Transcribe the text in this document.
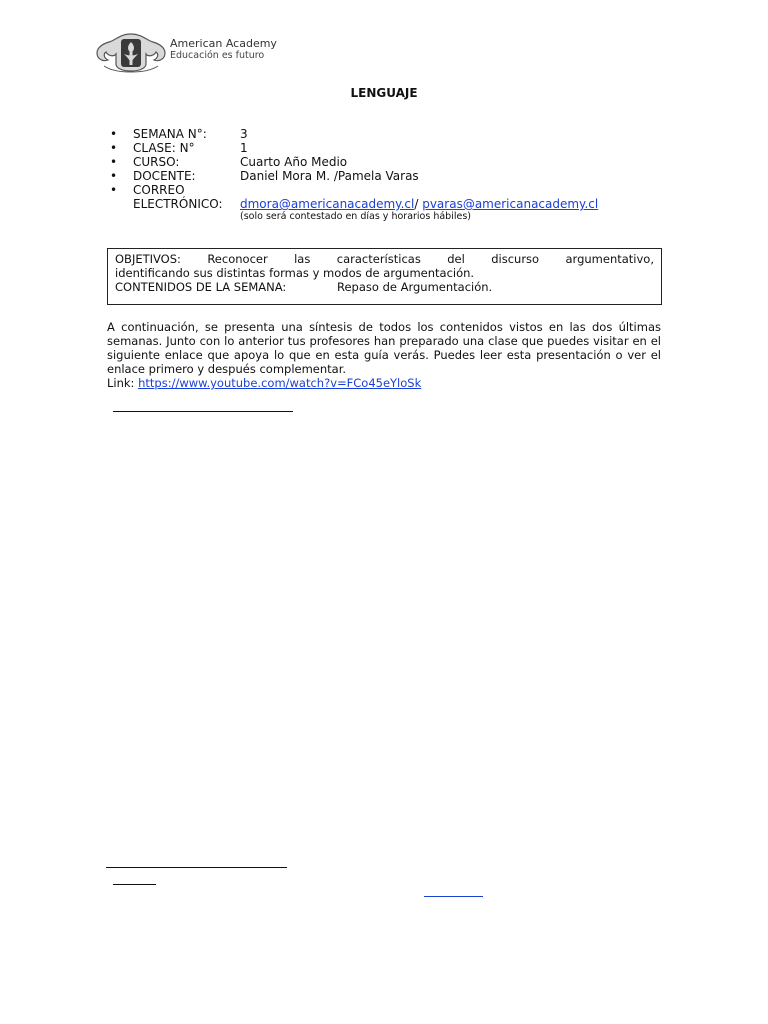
American Academy
Educación es futuro
LENGUAJE
• SEMANA N°:	3
• CLASE: N°	1
• CURSO:	Cuarto Año Medio
• DOCENTE:	Daniel Mora M. /Pamela Varas
• CORREO
ELECTRÓNICO: dmora@americanacademy.cl/ pvaras@americanacademy.cl
(solo será contestado en días y horarios hábiles)
OBJETIVOS: Reconocer las características del discurso argumentativo,
identificando sus distintas formas y modos de argumentación.
CONTENIDOS DE LA SEMANA:	Repaso de Argumentación.

A continuación, se presenta una síntesis de todos los contenidos vistos en las dos últimas semanas. Junto con lo anterior tus profesores han preparado una clase que puedes visitar en el siguiente enlace que apoya lo que en esta guía verás. Puedes leer esta presentación o ver el enlace primero y después complementar.

Link: https://www.youtube.com/watch?v=FCo45eYloSk
